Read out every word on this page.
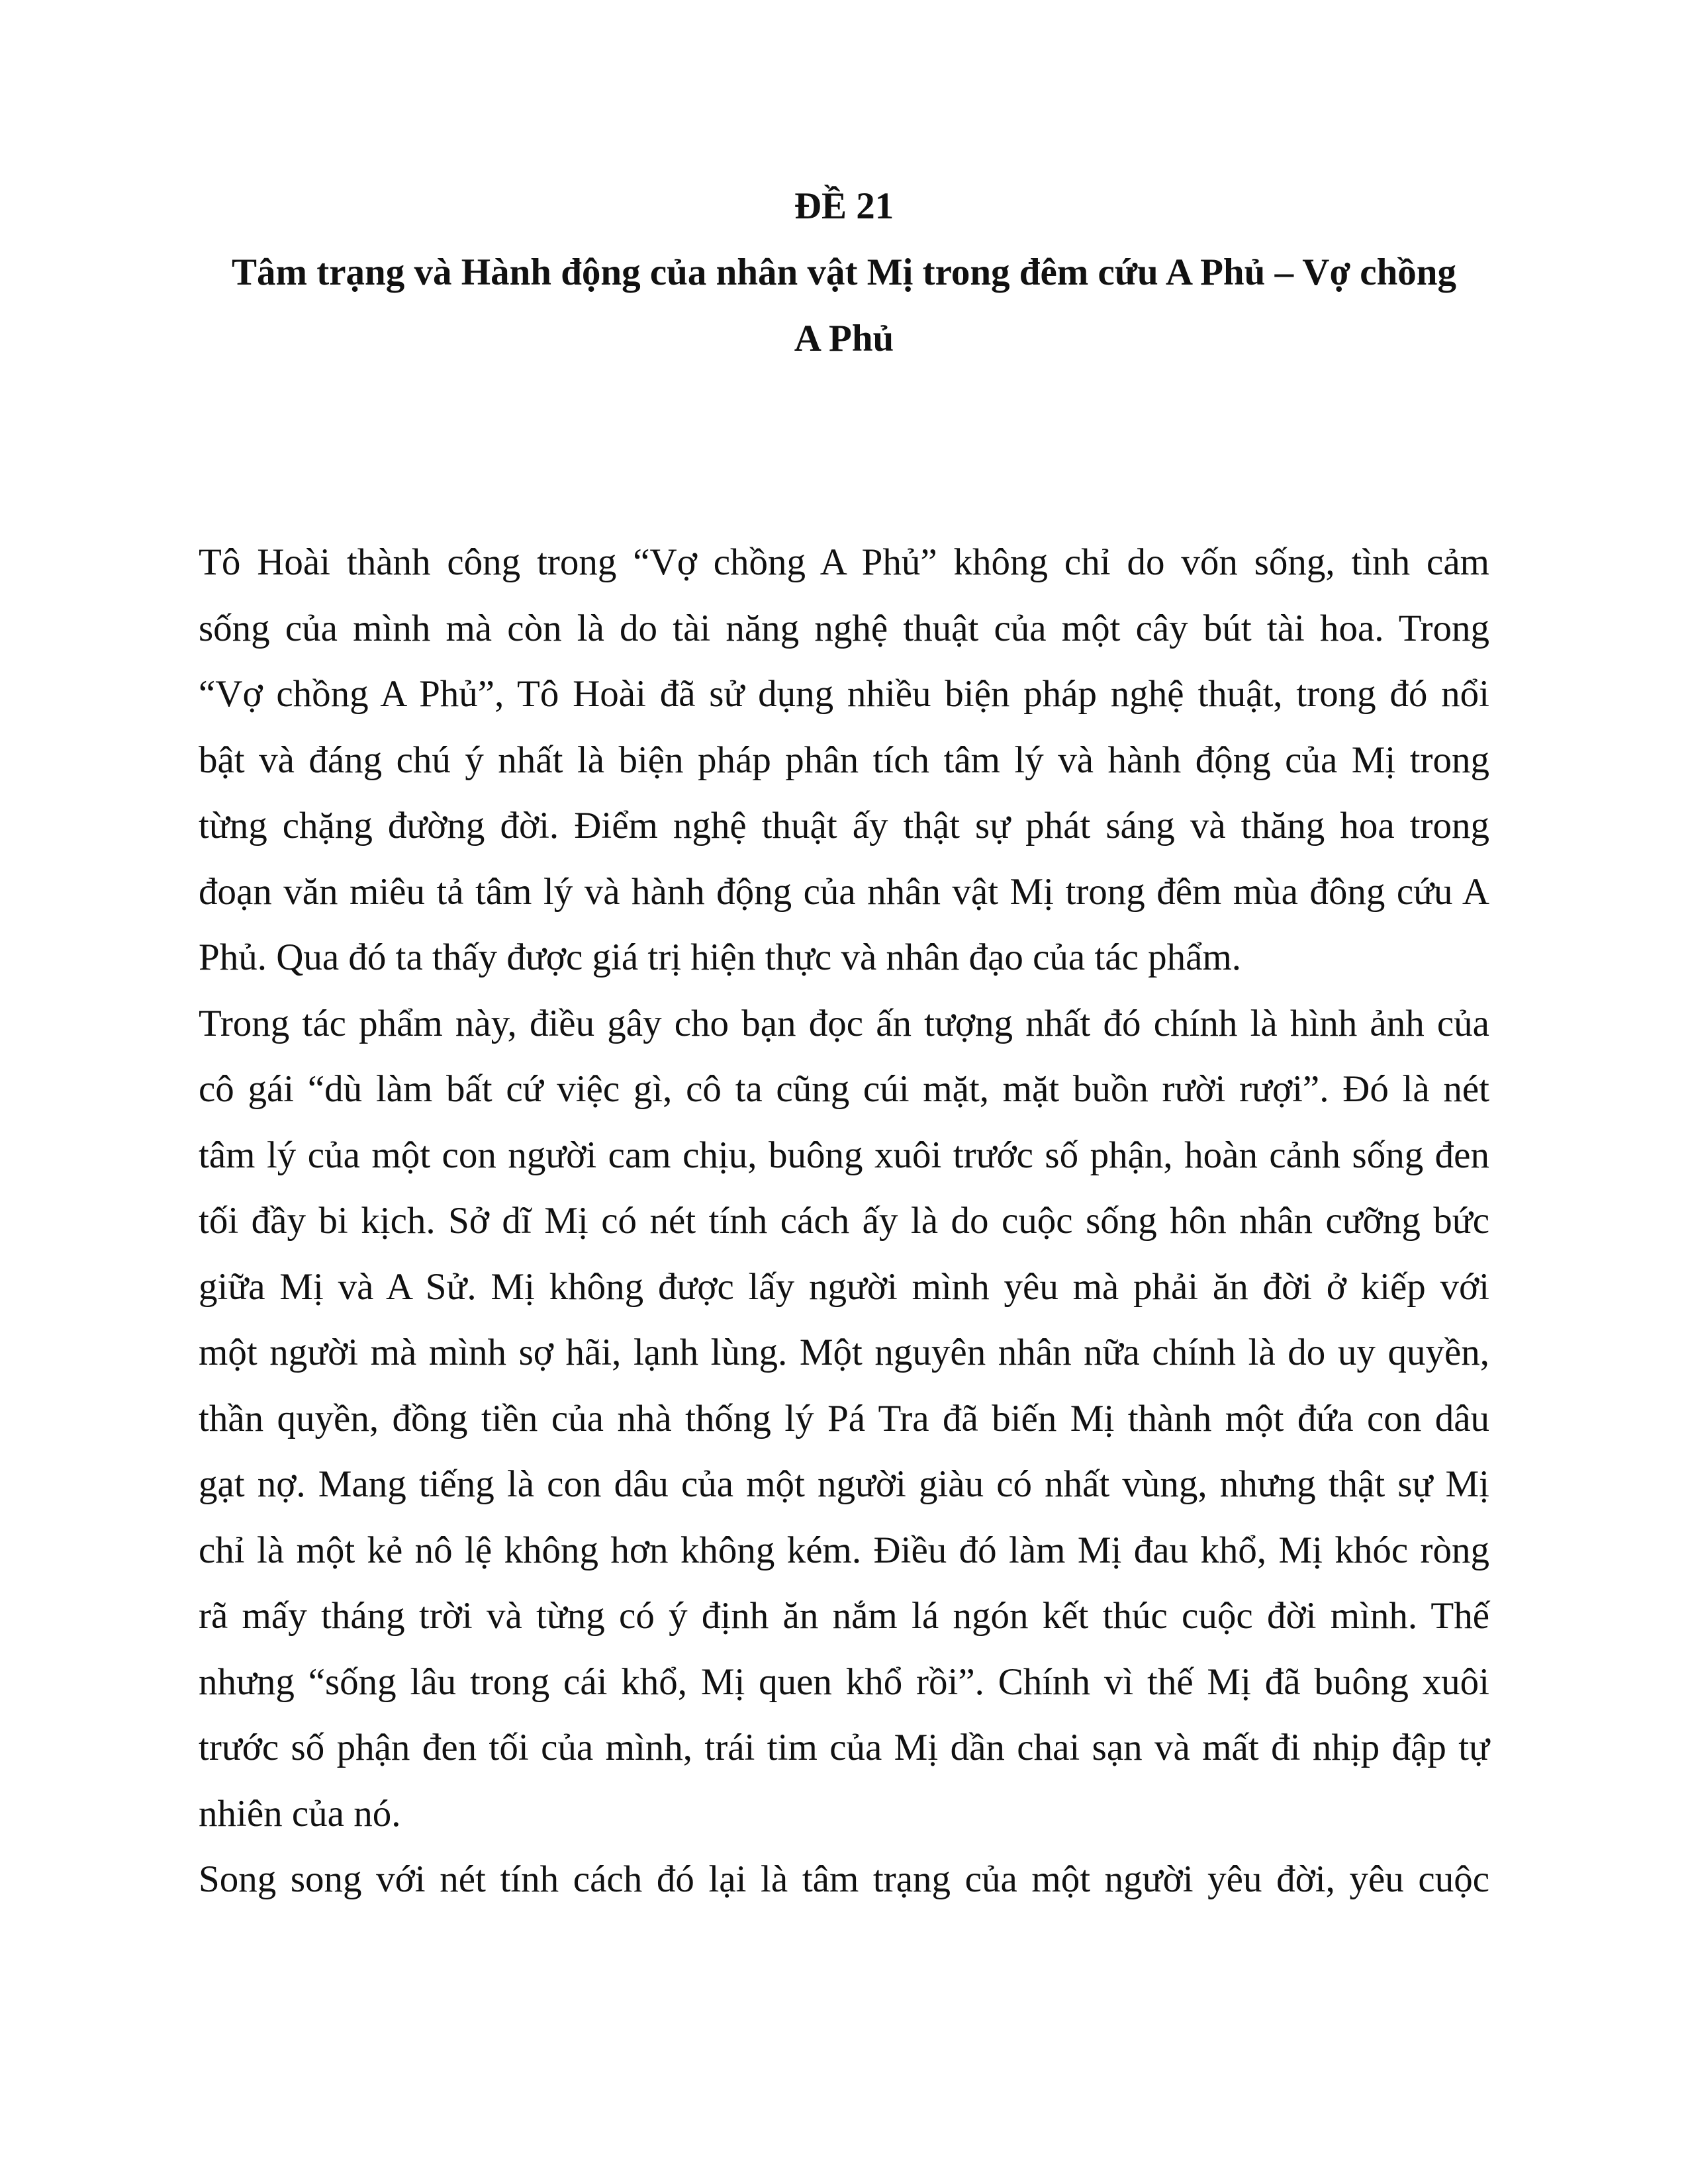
ĐỀ 21
Tâm trạng và Hành động của nhân vật Mị trong đêm cứu A Phủ – Vợ chồng
A Phủ
Tô Hoài thành công trong “Vợ chồng A Phủ” không chỉ do vốn sống, tình cảm
sống của mình mà còn là do tài năng nghệ thuật của một cây bút tài hoa. Trong
“Vợ chồng A Phủ”, Tô Hoài đã sử dụng nhiều biện pháp nghệ thuật, trong đó nổi
bật và đáng chú ý nhất là biện pháp phân tích tâm lý và hành động của Mị trong
từng chặng đường đời. Điểm nghệ thuật ấy thật sự phát sáng và thăng hoa trong
đoạn văn miêu tả tâm lý và hành động của nhân vật Mị trong đêm mùa đông cứu A
Phủ. Qua đó ta thấy được giá trị hiện thực và nhân đạo của tác phẩm.
Trong tác phẩm này, điều gây cho bạn đọc ấn tượng nhất đó chính là hình ảnh của
cô gái “dù làm bất cứ việc gì, cô ta cũng cúi mặt, mặt buồn rười rượi”. Đó là nét
tâm lý của một con người cam chịu, buông xuôi trước số phận, hoàn cảnh sống đen
tối đầy bi kịch. Sở dĩ Mị có nét tính cách ấy là do cuộc sống hôn nhân cưỡng bức
giữa Mị và A Sử. Mị không được lấy người mình yêu mà phải ăn đời ở kiếp với
một người mà mình sợ hãi, lạnh lùng. Một nguyên nhân nữa chính là do uy quyền,
thần quyền, đồng tiền của nhà thống lý Pá Tra đã biến Mị thành một đứa con dâu
gạt nợ. Mang tiếng là con dâu của một người giàu có nhất vùng, nhưng thật sự Mị
chỉ là một kẻ nô lệ không hơn không kém. Điều đó làm Mị đau khổ, Mị khóc ròng
rã mấy tháng trời và từng có ý định ăn nắm lá ngón kết thúc cuộc đời mình. Thế
nhưng “sống lâu trong cái khổ, Mị quen khổ rồi”. Chính vì thế Mị đã buông xuôi
trước số phận đen tối của mình, trái tim của Mị dần chai sạn và mất đi nhịp đập tự
nhiên của nó.
Song song với nét tính cách đó lại là tâm trạng của một người yêu đời, yêu cuộc
